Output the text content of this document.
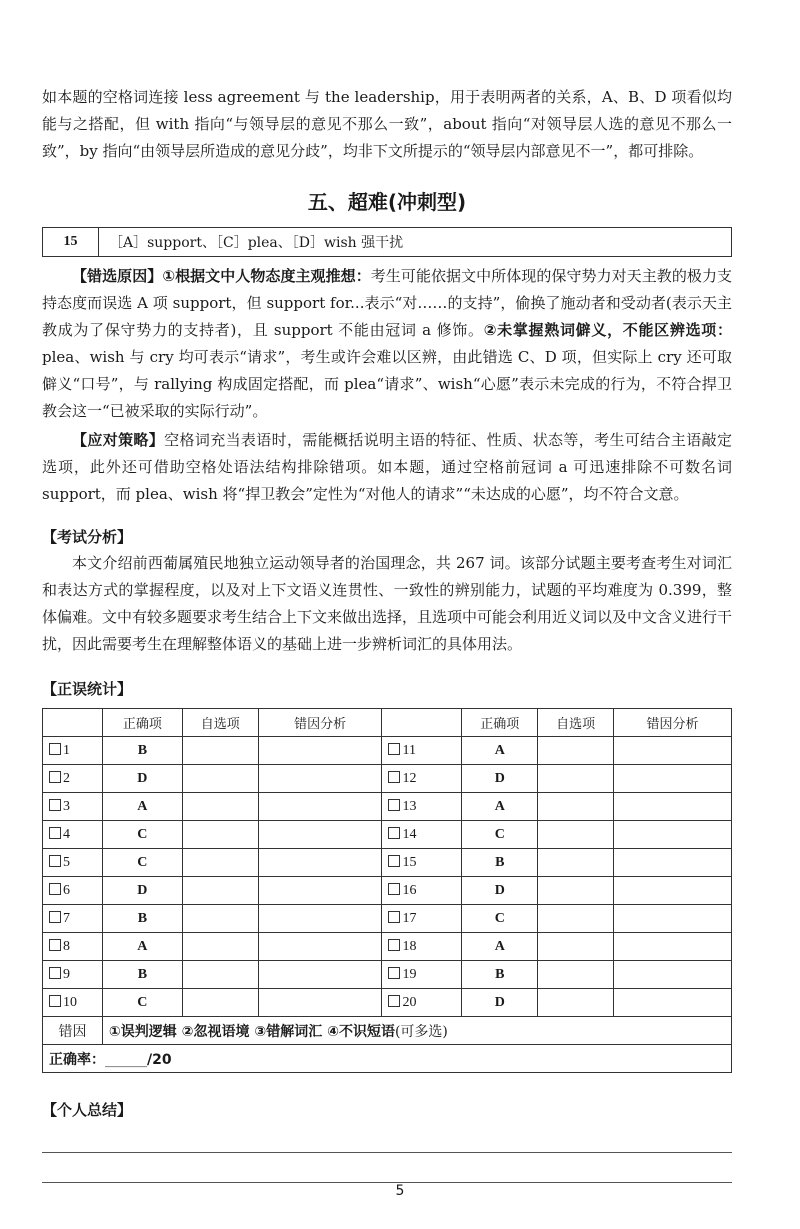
如本题的空格词连接 less agreement 与 the leadership，用于表明两者的关系，A、B、D 项看似均能与之搭配，但 with 指向“与领导层的意见不那么一致”，about 指向“对领导层人选的意见不那么一致”，by 指向“由领导层所造成的意见分歧”，均非下文所提示的“领导层内部意见不一”，都可排除。

五、超难(冲刺型)
15	［A］support、［C］plea、［D］wish 强干扰

【错选原因】①根据文中人物态度主观推想：考生可能依据文中所体现的保守势力对天主教的极力支持态度而误选 A 项 support，但 support for...表示“对……的支持”，偷换了施动者和受动者(表示天主教成为了保守势力的支持者)，且 support 不能由冠词 a 修饰。②未掌握熟词僻义，不能区辨选项：plea、wish 与 cry 均可表示“请求”，考生或许会难以区辨，由此错选 C、D 项，但实际上 cry 还可取僻义“口号”，与 rallying 构成固定搭配，而 plea“请求”、wish“心愿”表示未完成的行为，不符合捍卫教会这一“已被采取的实际行动”。

【应对策略】空格词充当表语时，需能概括说明主语的特征、性质、状态等，考生可结合主语敲定选项，此外还可借助空格处语法结构排除错项。如本题，通过空格前冠词 a 可迅速排除不可数名词 support，而 plea、wish 将“捍卫教会”定性为“对他人的请求”“未达成的心愿”，均不符合文意。

【考试分析】

本文介绍前西葡属殖民地独立运动领导者的治国理念，共 267 词。该部分试题主要考查考生对词汇和表达方式的掌握程度，以及对上下文语义连贯性、一致性的辨别能力，试题的平均难度为 0.399，整体偏难。文中有较多题要求考生结合上下文来做出选择，且选项中可能会利用近义词以及中文含义进行干扰，因此需要考生在理解整体语义的基础上进一步辨析词汇的具体用法。

【正误统计】
	正确项	自选项	错因分析		正确项	自选项	错因分析
1	B			11	A		
2	D			12	D		
3	A			13	A		
4	C			14	C		
5	C			15	B		
6	D			16	D		
7	B			17	C		
8	A			18	A		
9	B			19	B		
10	C			20	D		
错因	①误判逻辑 ②忽视语境 ③错解词汇 ④不识短语(可多选)						
正确率：______/20							
【个人总结】
5
